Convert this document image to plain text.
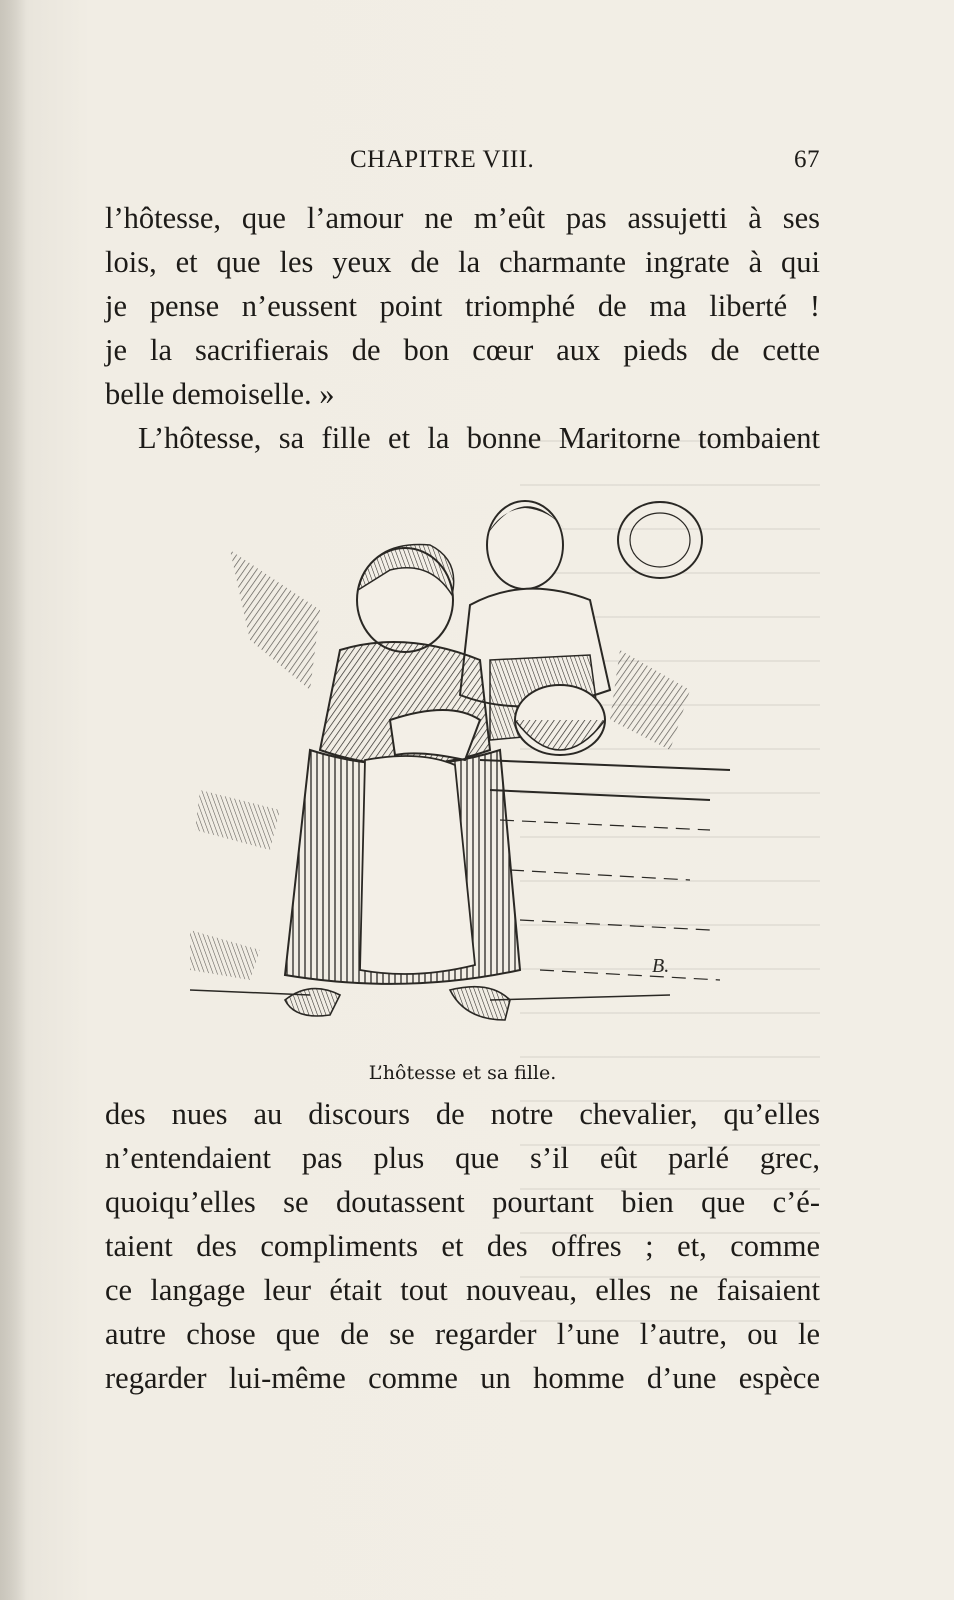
CHAPITRE VIII.	67
l’hôtesse, que l’amour ne m’eût pas assujetti à ses
lois, et que les yeux de la charmante ingrate à qui
je pense n’eussent point triomphé de ma liberté !
je la sacrifierais de bon cœur aux pieds de cette
belle demoiselle. »
L’hôtesse, sa fille et la bonne Maritorne tombaient
B.
L’hôtesse et sa fille.
des nues au discours de notre chevalier, qu’elles
n’entendaient pas plus que s’il eût parlé grec,
quoiqu’elles se doutassent pourtant bien que c’é-
taient des compliments et des offres ; et, comme
ce langage leur était tout nouveau, elles ne faisaient
autre chose que de se regarder l’une l’autre, ou le
regarder lui-même comme un homme d’une espèce
